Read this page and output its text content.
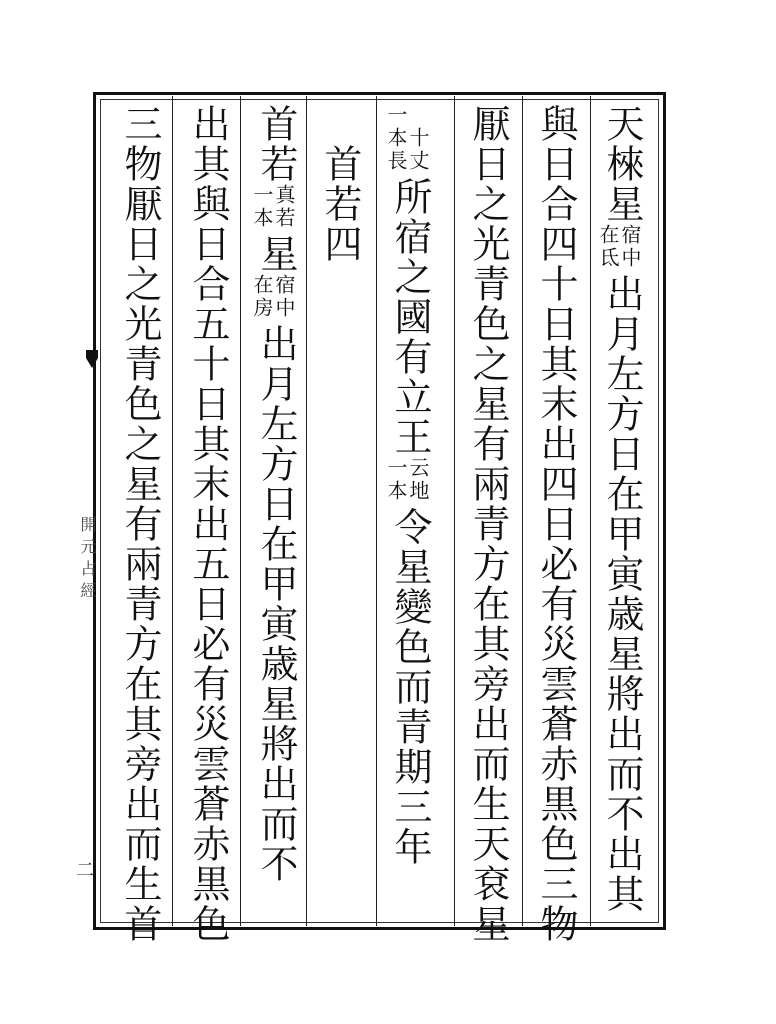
開元占經
二
天棶星
在氐宿中
出月左方日在甲寅歳星將出而不出其
與日合四十日其末出四日必有災雲蒼赤黒色三物
厭日之光青色之星有兩青方在其旁出而生天袞星
一本長十丈
所宿之國有立王
一本云地
令星變色而青期三年
　首若四
首若
一本真若
星
在房宿中
出月左方日在甲寅歳星將出而不
出其與日合五十日其末出五日必有災雲蒼赤黒色
三物厭日之光青色之星有兩青方在其旁出而生首
